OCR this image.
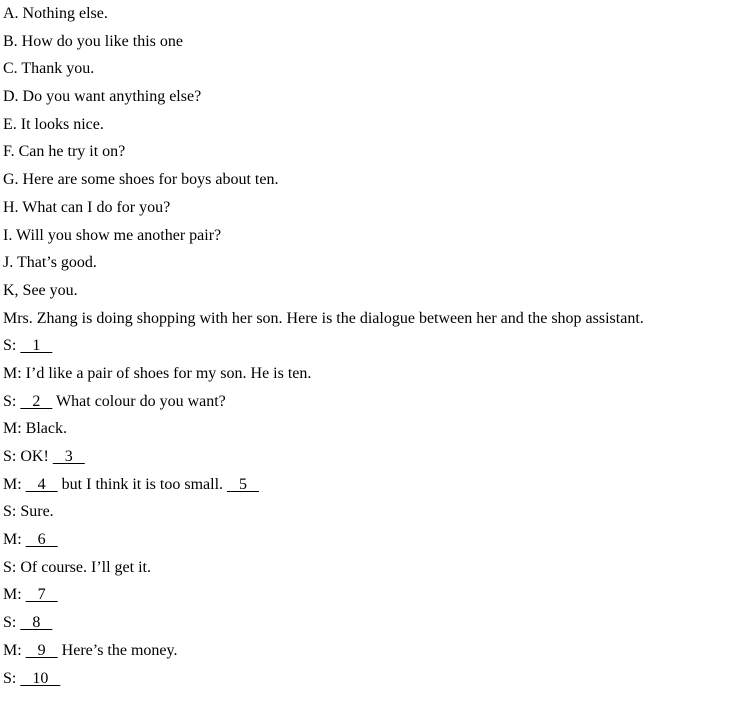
A. Nothing else.
B. How do you like this one
C. Thank you.
D. Do you want anything else?
E. It looks nice.
F. Can he try it on?
G. Here are some shoes for boys about ten.
H. What can I do for you?
I. Will you show me another pair?
J. That’s good.
K, See you.
Mrs. Zhang is doing shopping with her son. Here is the dialogue between her and the shop assistant.
S:    1
M: I’d like a pair of shoes for my son. He is ten.
S:    2    What colour do you want?
M: Black.
S: OK!    3
M:    4    but I think it is too small.    5
S: Sure.
M:    6
S: Of course. I’ll get it.
M:    7
S:    8
M:    9    Here’s the money.
S:    10
